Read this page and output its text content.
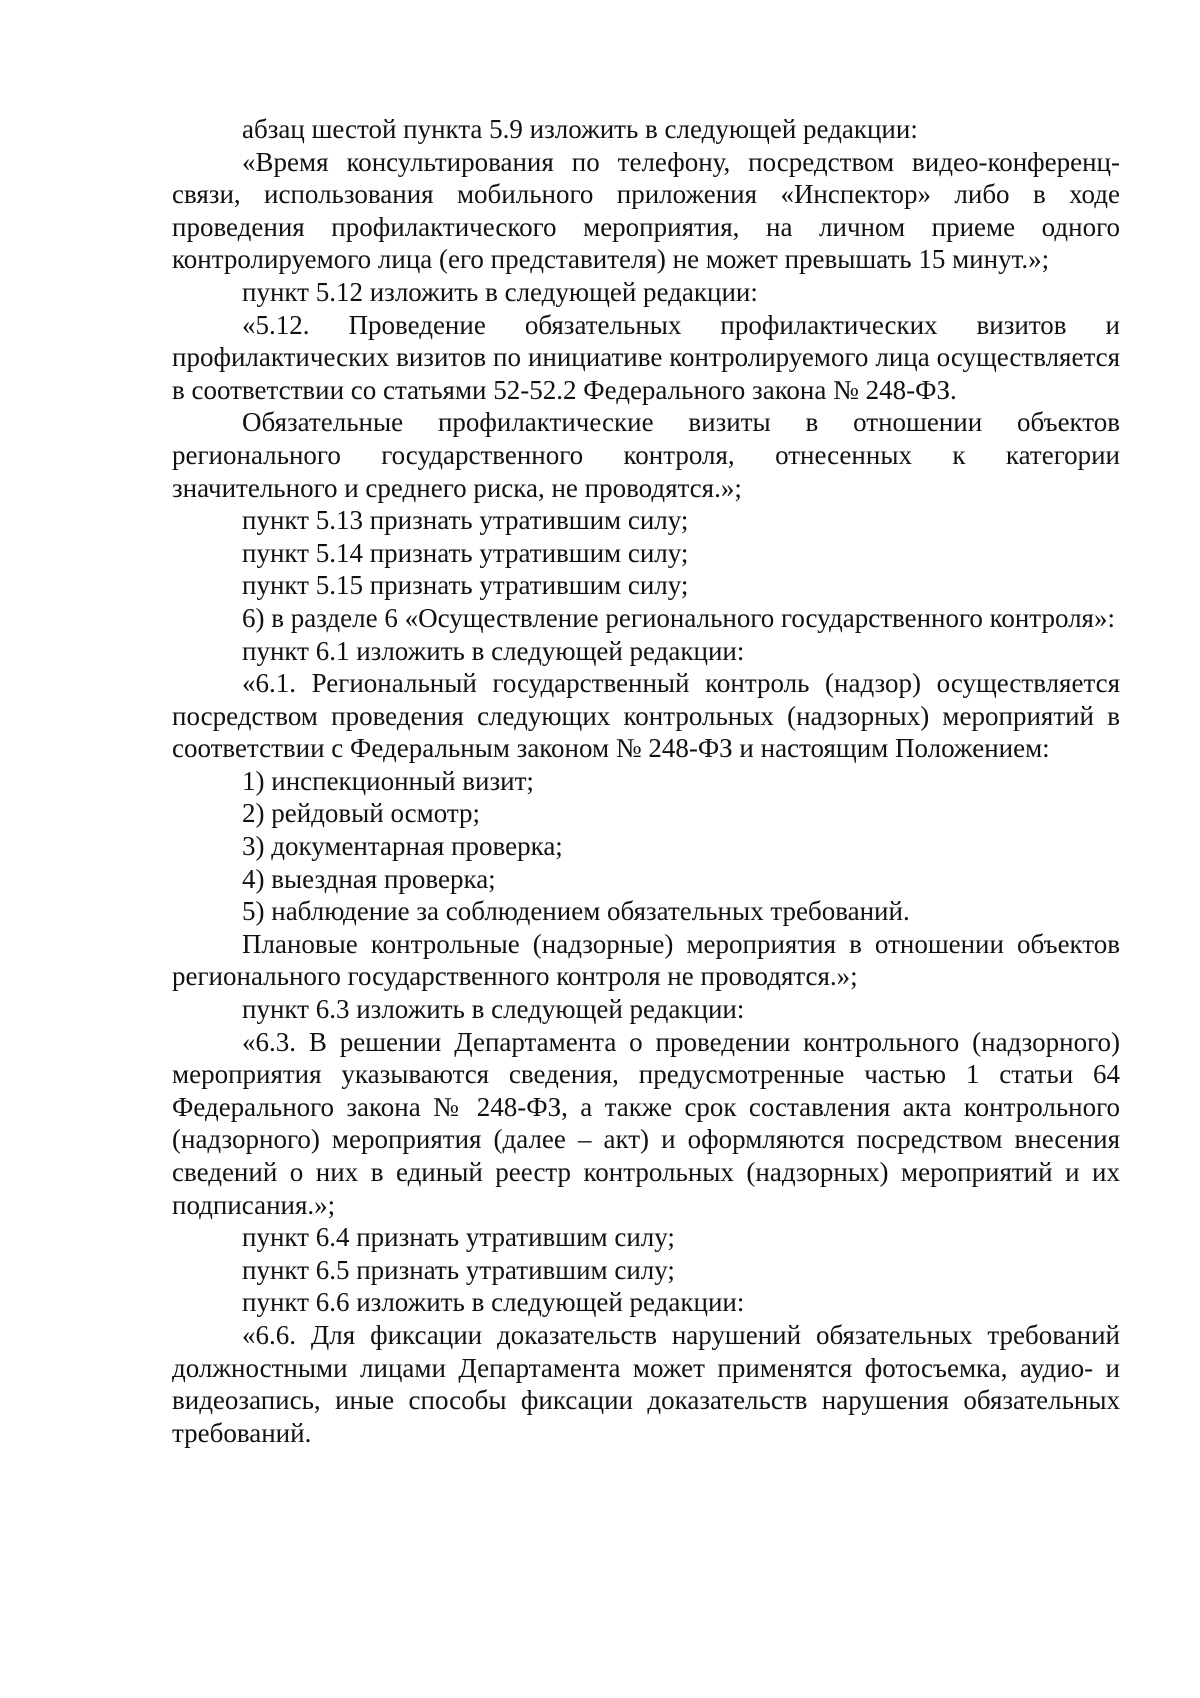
абзац шестой пункта 5.9 изложить в следующей редакции:

«Время консультирования по телефону, посредством видео-конференц-связи, использования мобильного приложения «Инспектор» либо в ходе проведения профилактического мероприятия, на личном приеме одного контролируемого лица (его представителя) не может превышать 15 минут.»;

пункт 5.12 изложить в следующей редакции:

«5.12. Проведение обязательных профилактических визитов и профилактических визитов по инициативе контролируемого лица осуществляется в соответствии со статьями 52-52.2 Федерального закона № 248-ФЗ.

Обязательные профилактические визиты в отношении объектов регионального государственного контроля, отнесенных к категории значительного и среднего риска, не проводятся.»;

пункт 5.13 признать утратившим силу;

пункт 5.14 признать утратившим силу;

пункт 5.15 признать утратившим силу;

6) в разделе 6 «Осуществление регионального государственного контроля»:

пункт 6.1 изложить в следующей редакции:

«6.1. Региональный государственный контроль (надзор) осуществляется посредством проведения следующих контрольных (надзорных) мероприятий в соответствии с Федеральным законом № 248-ФЗ и настоящим Положением:

1) инспекционный визит;

2) рейдовый осмотр;

3) документарная проверка;

4) выездная проверка;

5) наблюдение за соблюдением обязательных требований.

Плановые контрольные (надзорные) мероприятия в отношении объектов регионального государственного контроля не проводятся.»;

пункт 6.3 изложить в следующей редакции:

«6.3. В решении Департамента о проведении контрольного (надзорного) мероприятия указываются сведения, предусмотренные частью 1 статьи 64 Федерального закона № 248-ФЗ, а также срок составления акта контрольного (надзорного) мероприятия (далее – акт) и оформляются посредством внесения сведений о них в единый реестр контрольных (надзорных) мероприятий и их подписания.»;

пункт 6.4 признать утратившим силу;

пункт 6.5 признать утратившим силу;

пункт 6.6 изложить в следующей редакции:

«6.6. Для фиксации доказательств нарушений обязательных требований должностными лицами Департамента может применятся фотосъемка, аудио- и видеозапись, иные способы фиксации доказательств нарушения обязательных требований.
